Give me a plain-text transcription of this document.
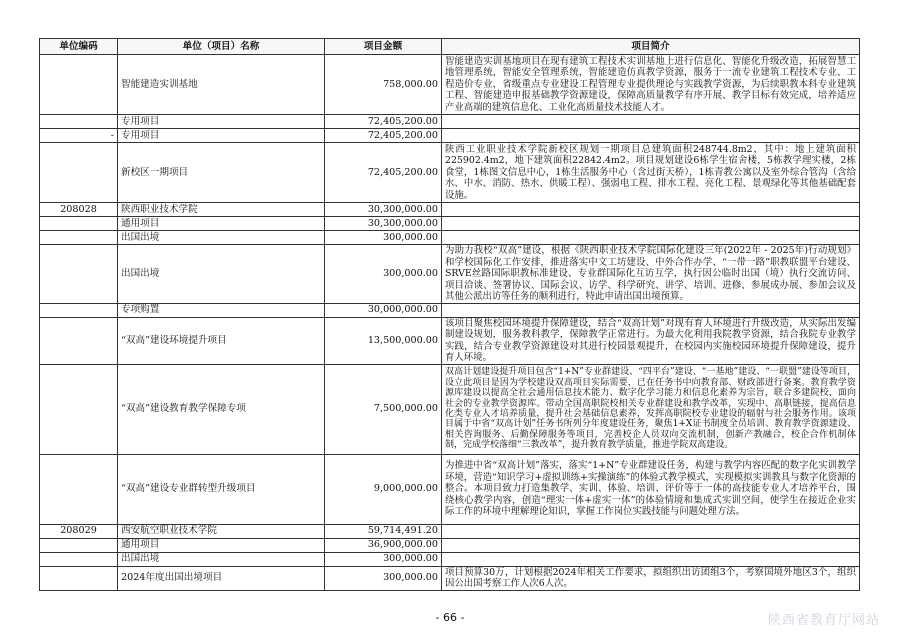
单位编码	单位（项目）名称	项目金额	项目简介
	智能建造实训基地	758,000.00	智能建造实训基地项目在现有建筑工程技术实训基地上进行信息化、智能化升级改造，拓展智慧工地管理系统，智能安全管理系统，智能建造仿真教学资源，服务于一流专业建筑工程技术专业、工程造价专业，省级重点专业建设工程管理专业提供理论与实践教学资源，为后续职教本科专业建筑工程、智能建造申报基础教学资源建设，保障高质量教学有序开展、教学目标有效完成，培养适应产业高端的建筑信息化、工业化高质量技术技能人才。
	专用项目	72,405,200.00	
-	专用项目	72,405,200.00	
	新校区一期项目	72,405,200.00	陕西工业职业技术学院新校区规划一期项目总建筑面积248744.8m2，其中：地上建筑面积225902.4m2，地下建筑面积22842.4m2。项目规划建设6栋学生宿舍楼，5栋教学理实楼，2栋食堂，1栋图文信息中心，1栋生活服务中心（含过街天桥），1栋青教公寓以及室外综合管沟（含给水、中水、消防、热水、供暖工程）、强弱电工程、排水工程、亮化工程、景观绿化等其他基础配套设施。
208028	陕西职业技术学院	30,300,000.00	
	通用项目	30,300,000.00	
	出国出境	300,000.00	
	出国出境	300,000.00	为助力我校“双高”建设，根据《陕西职业技术学院国际化建设三年(2022年 - 2025年)行动规划》和学校国际化工作安排，推进落实中文工坊建设、中外合作办学、“一带一路”职教联盟平台建设、SRVE丝路国际职教标准建设、专业群国际化互访互学，执行因公临时出国（境）执行交流访问、项目洽谈、签署协议、国际会议、访学、科学研究、讲学、培训、进修、参展成办展、参加会议及其他公派出访等任务的顺利进行，特此申请出国出境预算。
	专项购置	30,000,000.00	
	“双高”建设环境提升项目	13,500,000.00	该项目聚焦校园环境提升保障建设，结合“双高计划”对现有育人环境进行升级改造，从实际出发编制建设规划，服务教科教学，保障教学正常进行。为最大化利用我院教学资源，结合我院专业教学实践，结合专业教学资源建设对其进行校园景观提升，在校园内实施校园环境提升保障建设，提升育人环境。
	“双高”建设教育教学保障专项	7,500,000.00	双高计划建设提升项目包含“1+N”专业群建设、“四平台”建设、“一基地”建设、“一联盟”建设等项目，设立此项目是因为学校建设双高项目实际需要，已在任务书中向教育部、财政部进行备案。教育教学资源库建设以提高全社会通用信息技术能力、数字化学习能力和信息化素养为宗旨，联合多建院校，面向社会的专业教学资源库。带动全国高职院校相关专业群建设和教学改革，实现中、高职链接，提高信息化类专业人才培养质量，提升社会基础信息素养，发挥高职院校专业建设的辐射与社会服务作用。该项目属于中省“双高计划”任务书所列分年度建设任务，聚焦1+X证书制度全员培训、教育教学资源建设、相关咨询服务、后勤保障服务等项目，完善校企人员双向交流机制，创新产教融合，校企合作机制体制，完成学校落细“三教改革”，提升教育教学质量，推进学院双高建设。
	“双高”建设专业群转型升级项目	9,000,000.00	为推进中省“双高计划”落实，落实“1+N”专业群建设任务，构建与教学内容匹配的数字化实训教学环境，营造“知识学习+虚拟训练+实操演练”的体验式教学模式，实现模拟实训教具与数字化资源的整合。本项目致力打造集教学、实训、体验、培训、评价等于一体的高技能专业人才培养平台，围绕核心教学内容，创造“理实一体+虚实一体”的体验情境和集成式实训空间，使学生在接近企业实际工作的环境中理解理论知识，掌握工作岗位实践技能与问题处理方法。
208029	西安航空职业技术学院	59,714,491.20	
	通用项目	36,900,000.00	
	出国出境	300,000.00	
	2024年度出国出境项目	300,000.00	项目预算30万，计划根据2024年相关工作要求，拟组织出访团组3个，考察国境外地区3个，组织因公出国考察工作人次6人次。
- 66 -	陕西省教育厅网站
